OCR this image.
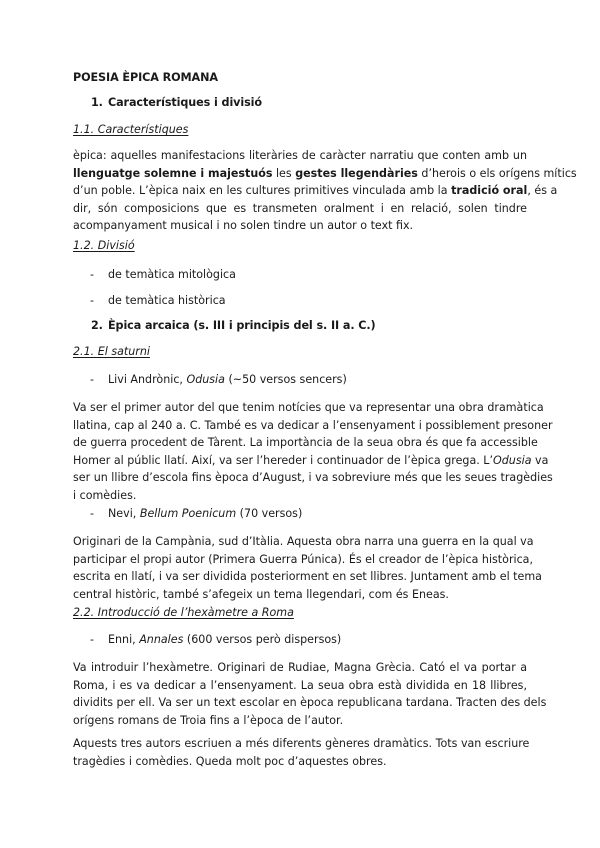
POESIA ÈPICA ROMANA
1. Característiques i divisió
1.1. Característiques
èpica: aquelles manifestacions literàries de caràcter narratiu que conten amb un
llenguatge solemne i majestuós les gestes llegendàries d’herois o els orígens mítics
d’un poble. L’èpica naix en les cultures primitives vinculada amb la tradició oral, és a
dir, són composicions que es transmeten oralment i en relació, solen tindre
acompanyament musical i no solen tindre un autor o text fix.
1.2. Divisió
- de temàtica mitològica
- de temàtica històrica
2. Èpica arcaica (s. III i principis del s. II a. C.)
2.1. El saturni
- Livi Andrònic, Odusia (~50 versos sencers)
Va ser el primer autor del que tenim notícies que va representar una obra dramàtica
llatina, cap al 240 a. C. També es va dedicar a l’ensenyament i possiblement presoner
de guerra procedent de Tàrent. La importància de la seua obra és que fa accessible
Homer al públic llatí. Així, va ser l’hereder i continuador de l’èpica grega. L’Odusia va
ser un llibre d’escola fins època d’August, i va sobreviure més que les seues tragèdies
i comèdies.
- Nevi, Bellum Poenicum (70 versos)
Originari de la Campània, sud d’Itàlia. Aquesta obra narra una guerra en la qual va
participar el propi autor (Primera Guerra Púnica). És el creador de l’èpica històrica,
escrita en llatí, i va ser dividida posteriorment en set llibres. Juntament amb el tema
central històric, també s’afegeix un tema llegendari, com és Eneas.
2.2. Introducció de l’hexàmetre a Roma
- Enni, Annales (600 versos però dispersos)
Va introduir l’hexàmetre. Originari de Rudiae, Magna Grècia. Cató el va portar a
Roma, i es va dedicar a l’ensenyament. La seua obra està dividida en 18 llibres,
dividits per ell. Va ser un text escolar en època republicana tardana. Tracten des dels
orígens romans de Troia fins a l’època de l’autor.
Aquests tres autors escriuen a més diferents gèneres dramàtics. Tots van escriure
tragèdies i comèdies. Queda molt poc d’aquestes obres.
